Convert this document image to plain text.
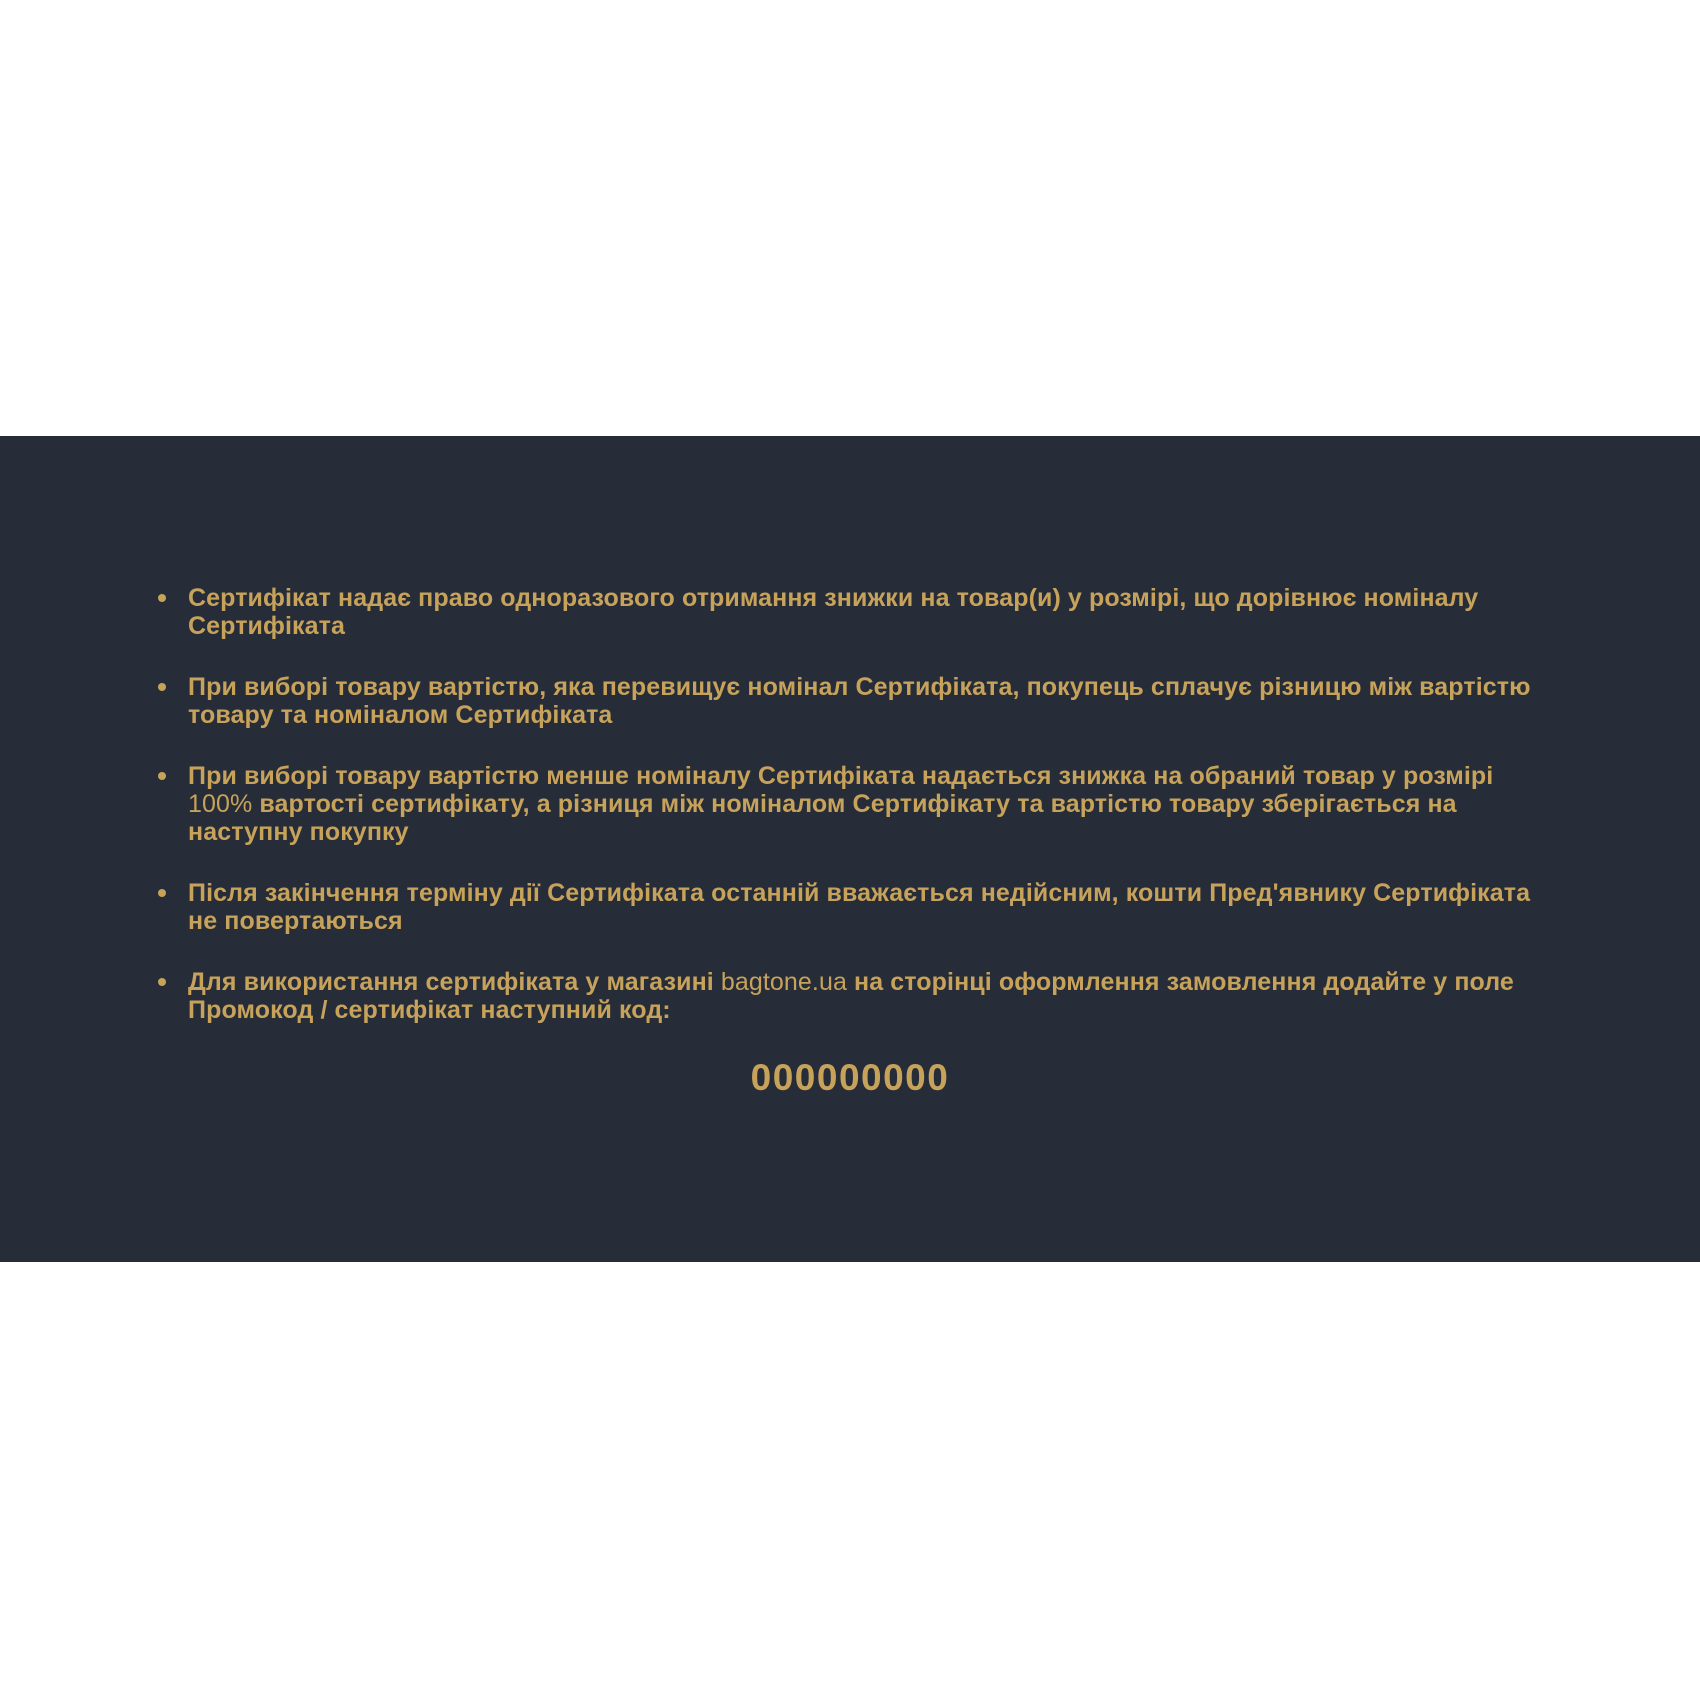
Сертифікат надає право одноразового отримання знижки на товар(и) у розмірі, що дорівнює номіналу Сертифіката
При виборі товару вартістю, яка перевищує номінал Сертифіката, покупець сплачує різницю між вартістю товару та номіналом Сертифіката
При виборі товару вартістю менше номіналу Сертифіката надається знижка на обраний товар у розмірі 100% вартості сертифікату, а різниця між номіналом Сертифікату та вартістю товару зберігається на наступну покупку
Після закінчення терміну дії Сертифіката останній вважається недійсним, кошти Пред'явнику Сертифіката не повертаються
Для використання сертифіката у магазині bagtone.ua на сторінці оформлення замовлення додайте у поле Промокод / сертифікат наступний код:
000000000
